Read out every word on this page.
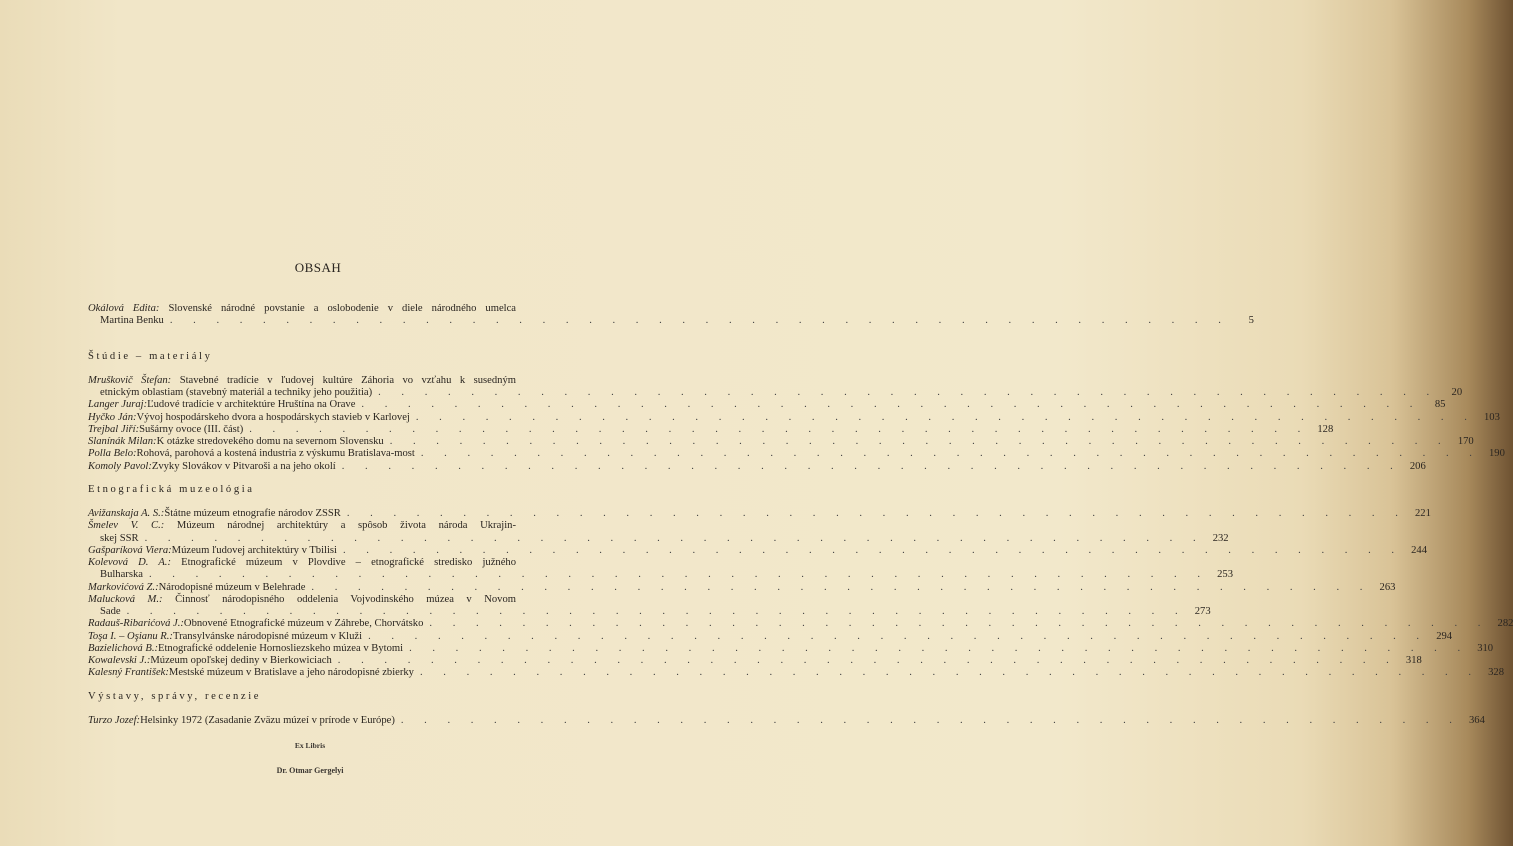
OBSAH
Okálová Edita: Slovenské národné povstanie a oslobodenie v diele národného umelca
Martina Benku . . . . . . . . . . . . . . . . . . . . . . . . . . . . . . . . . . . . . . . . . . . . . .	5
Štúdie – materiály
Mruškovič Štefan: Stavebné tradície v ľudovej kultúre Záhoria vo vzťahu k susedným
etnickým oblastiam (stavebný materiál a techniky jeho použitia) . . . . . . . . . . . . . . . . . . . . . . . . . . . . . . . . . . . . . . . . . . . . . .	20
Langer Juraj: Ľudové tradície v architektúre Hruštína na Orave . . . . . . . . . . . . . . . . . . . . . . . . . . . . . . . . . . . . . . . . . . . . . .	85
Hyčko Ján: Vývoj hospodárskeho dvora a hospodárskych stavieb v Karlovej . . . . . . . . . . . . . . . . . . . . . . . . . . . . . . . . . . . . . . . . . . . . . . 103
Trejbal Jiří: Sušárny ovoce (III. část) . . . . . . . . . . . . . . . . . . . . . . . . . . . . . . . . . . . . . . . . . . . . . . 128
Slanínák Milan: K otázke stredovekého domu na severnom Slovensku . . . . . . . . . . . . . . . . . . . . . . . . . . . . . . . . . . . . . . . . . . . . . . 170
Polla Belo: Rohová, parohová a kostená industria z výskumu Bratislava-most . . . . . . . . . . . . . . . . . . . . . . . . . . . . . . . . . . . . . . . . . . . . . . 190
Komoly Pavol: Zvyky Slovákov v Pitvaroši a na jeho okolí . . . . . . . . . . . . . . . . . . . . . . . . . . . . . . . . . . . . . . . . . . . . . . 206
Etnografická muzeológia
Avižanskaja A. S.: Štátne múzeum etnografie národov ZSSR . . . . . . . . . . . . . . . . . . . . . . . . . . . . . . . . . . . . . . . . . . . . . . 221
Šmelev V. C.: Múzeum národnej architektúry a spôsob života národa Ukrajin-
skej SSR . . . . . . . . . . . . . . . . . . . . . . . . . . . . . . . . . . . . . . . . . . . . . . 232
Gašparíková Viera: Múzeum ľudovej architektúry v Tbilisi . . . . . . . . . . . . . . . . . . . . . . . . . . . . . . . . . . . . . . . . . . . . . . 244
Kolevová D. A.: Etnografické múzeum v Plovdive – etnografické stredisko južného
Bulharska . . . . . . . . . . . . . . . . . . . . . . . . . . . . . . . . . . . . . . . . . . . . . . 253
Markovićová Z.: Národopisné múzeum v Belehrade . . . . . . . . . . . . . . . . . . . . . . . . . . . . . . . . . . . . . . . . . . . . . . 263
Malucková M.: Činnosť národopisného oddelenia Vojvodinského múzea v Novom
Sade . . . . . . . . . . . . . . . . . . . . . . . . . . . . . . . . . . . . . . . . . . . . . . 273
Radauš-Ribarićová J.: Obnovené Etnografické múzeum v Záhrebe, Chorvátsko . . . . . . . . . . . . . . . . . . . . . . . . . . . . . . . . . . . . . . . . . . . . . . 282
Toşa I. – Oşianu R.: Transylvánske národopisné múzeum v Kluži . . . . . . . . . . . . . . . . . . . . . . . . . . . . . . . . . . . . . . . . . . . . . . 294
Bazielichová B.: Etnografické oddelenie Hornosliezskeho múzea v Bytomi . . . . . . . . . . . . . . . . . . . . . . . . . . . . . . . . . . . . . . . . . . . . . . 310
Kowalevski J.: Múzeum opoľskej dediny v Bierkowiciach . . . . . . . . . . . . . . . . . . . . . . . . . . . . . . . . . . . . . . . . . . . . . . 318
Kalesný František: Mestské múzeum v Bratislave a jeho národopisné zbierky . . . . . . . . . . . . . . . . . . . . . . . . . . . . . . . . . . . . . . . . . . . . . . 328
Výstavy, správy, recenzie
Turzo Jozef: Helsinky 1972 (Zasadanie Zväzu múzeí v prírode v Európe) . . . . . . . . . . . . . . . . . . . . . . . . . . . . . . . . . . . . . . . . . . . . . . 364
Ex Libris
Dr. Otmar Gergelyi
